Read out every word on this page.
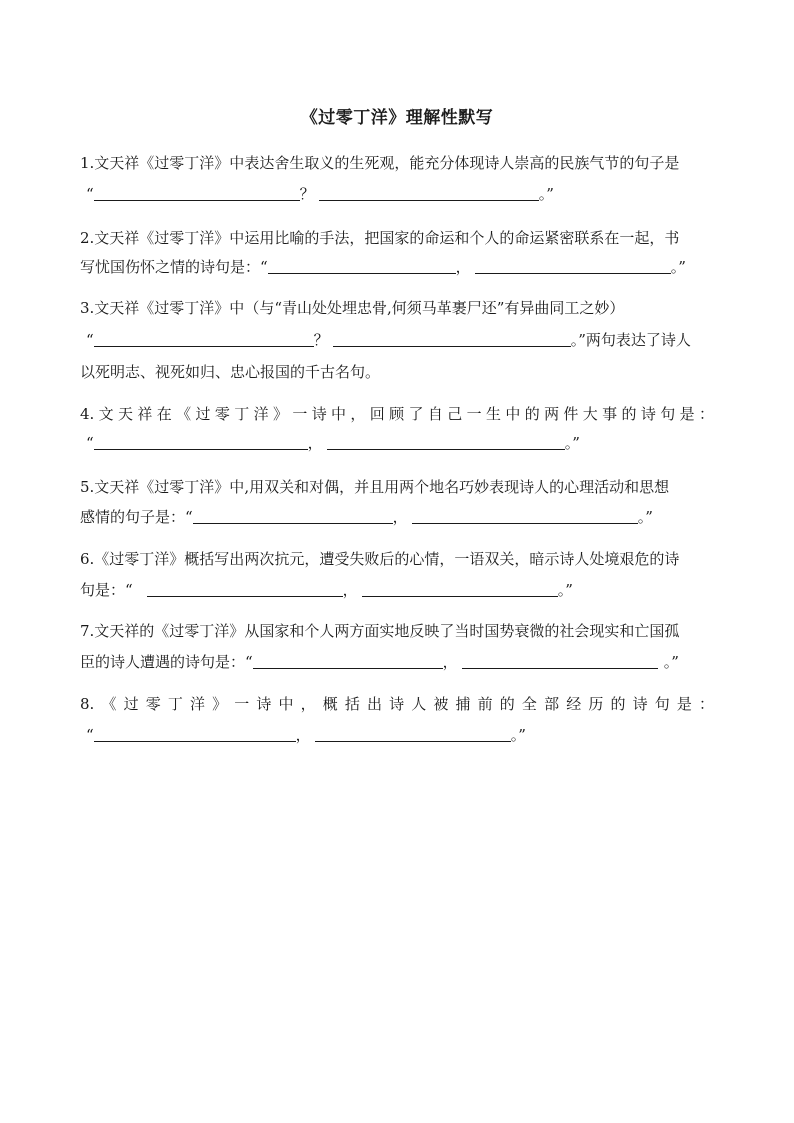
《过零丁洋》理解性默写
1.文天祥《过零丁洋》中表达舍生取义的生死观，能充分体现诗人崇高的民族气节的句子是
“	？	。”
2.文天祥《过零丁洋》中运用比喻的手法，把国家的命运和个人的命运紧密联系在一起，书
写忧国伤怀之情的诗句是：“	，	。”
3.文天祥《过零丁洋》中（与“青山处处埋忠骨,何须马革裹尸还”有异曲同工之妙）
“	？	。”两句表达了诗人
以死明志、视死如归、忠心报国的千古名句。
4.文天祥在《过零丁洋》一诗中，回顾了自己一生中的两件大事的诗句是：
“	，	。”
5.文天祥《过零丁洋》中,用双关和对偶，并且用两个地名巧妙表现诗人的心理活动和思想
感情的句子是：“	，	。”
6.《过零丁洋》概括写出两次抗元，遭受失败后的心情，一语双关，暗示诗人处境艰危的诗
句是：“	，	。”
7.文天祥的《过零丁洋》从国家和个人两方面实地反映了当时国势衰微的社会现实和亡国孤
臣的诗人遭遇的诗句是：“	，	。”
8.《过零丁洋》一诗中，概括出诗人被捕前的全部经历的诗句是：
“	，	。”
